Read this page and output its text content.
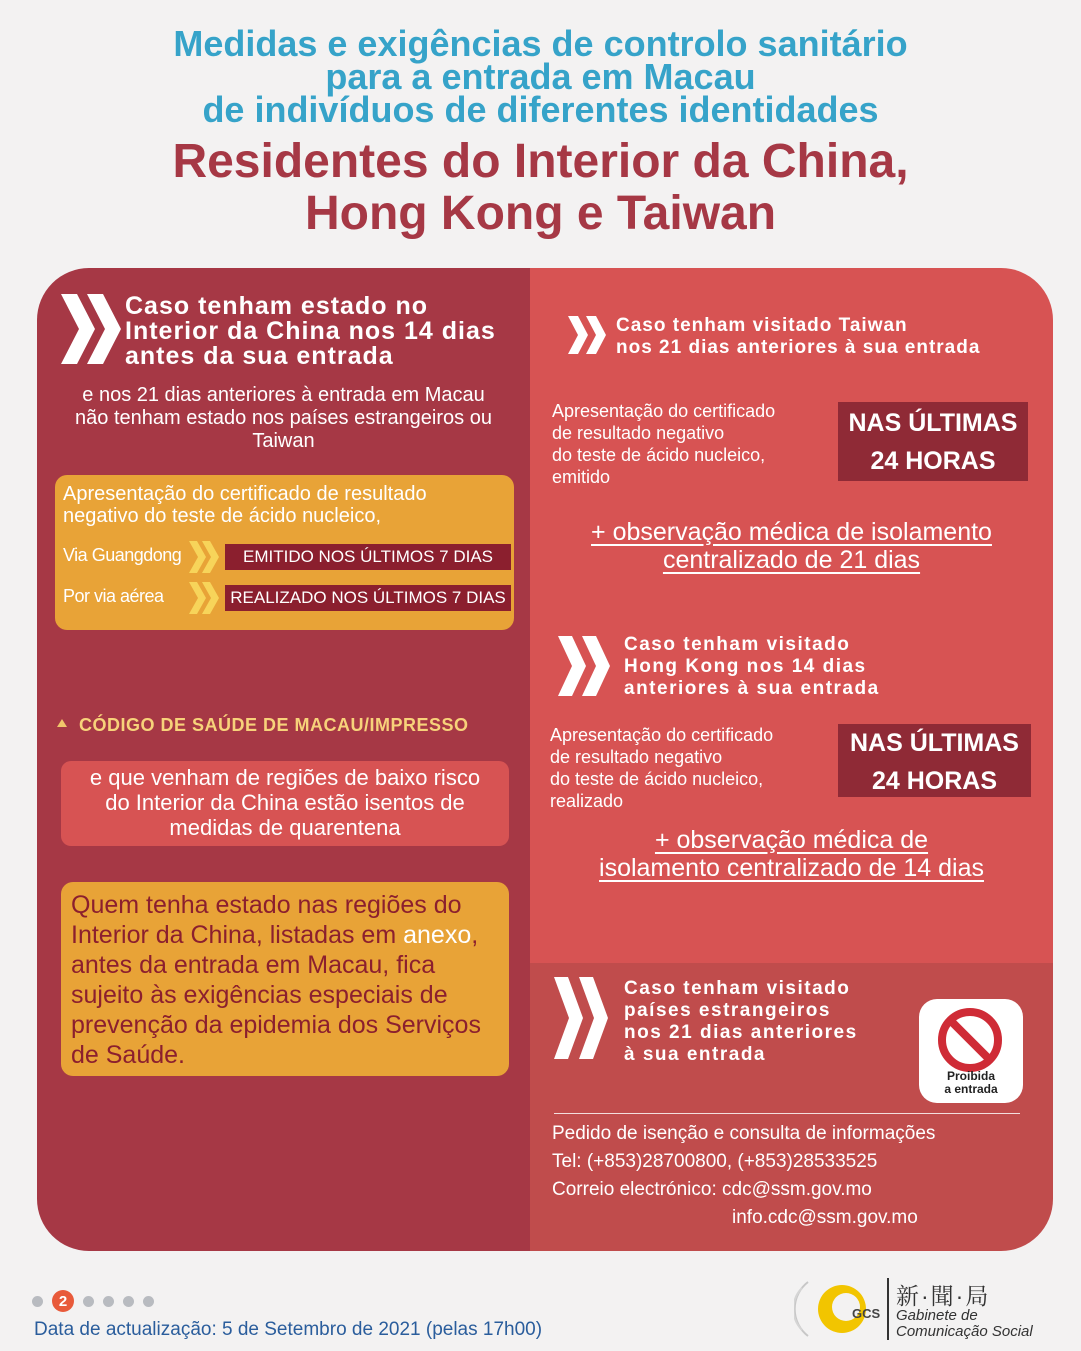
Medidas e exigências de controlo sanitário
para a entrada em Macau
de indivíduos de diferentes identidades
Residentes do Interior da China,
Hong Kong e Taiwan
Caso tenham estado no
Interior da China nos 14 dias
antes da sua entrada
e nos 21 dias anteriores à entrada em Macau
não tenham estado nos países estrangeiros ou
Taiwan
Apresentação do certificado de resultado
negativo do teste de ácido nucleico,
Via Guangdong	EMITIDO NOS ÚLTIMOS 7 DIAS
Por via aérea	REALIZADO NOS ÚLTIMOS 7 DIAS
CÓDIGO DE SAÚDE DE MACAU/IMPRESSO
e que venham de regiões de baixo risco
do Interior da China estão isentos de
medidas de quarentena
Quem tenha estado nas regiões do
Interior da China, listadas em anexo,
antes da entrada em Macau, fica
sujeito às exigências especiais de
prevenção da epidemia dos Serviços
de Saúde.
Caso tenham visitado Taiwan
nos 21 dias anteriores à sua entrada
Apresentação do certificado
de resultado negativo
do teste de ácido nucleico,
emitido
NAS ÚLTIMAS
24 HORAS
+ observação médica de isolamento
centralizado de 21 dias
Caso tenham visitado
Hong Kong nos 14 dias
anteriores à sua entrada
Apresentação do certificado
de resultado negativo
do teste de ácido nucleico,
realizado
NAS ÚLTIMAS
24 HORAS
+ observação médica de
isolamento centralizado de 14 dias
Caso tenham visitado
países estrangeiros
nos 21 dias anteriores
à sua entrada
Proibida
a entrada
Pedido de isenção e consulta de informações
Tel: (+853)28700800, (+853)28533525
Correio electrónico: cdc@ssm.gov.mo
info.cdc@ssm.gov.mo
2
Data de actualização: 5 de Setembro de 2021 (pelas 17h00)
GCS
新·聞·局
Gabinete de
Comunicação Social
